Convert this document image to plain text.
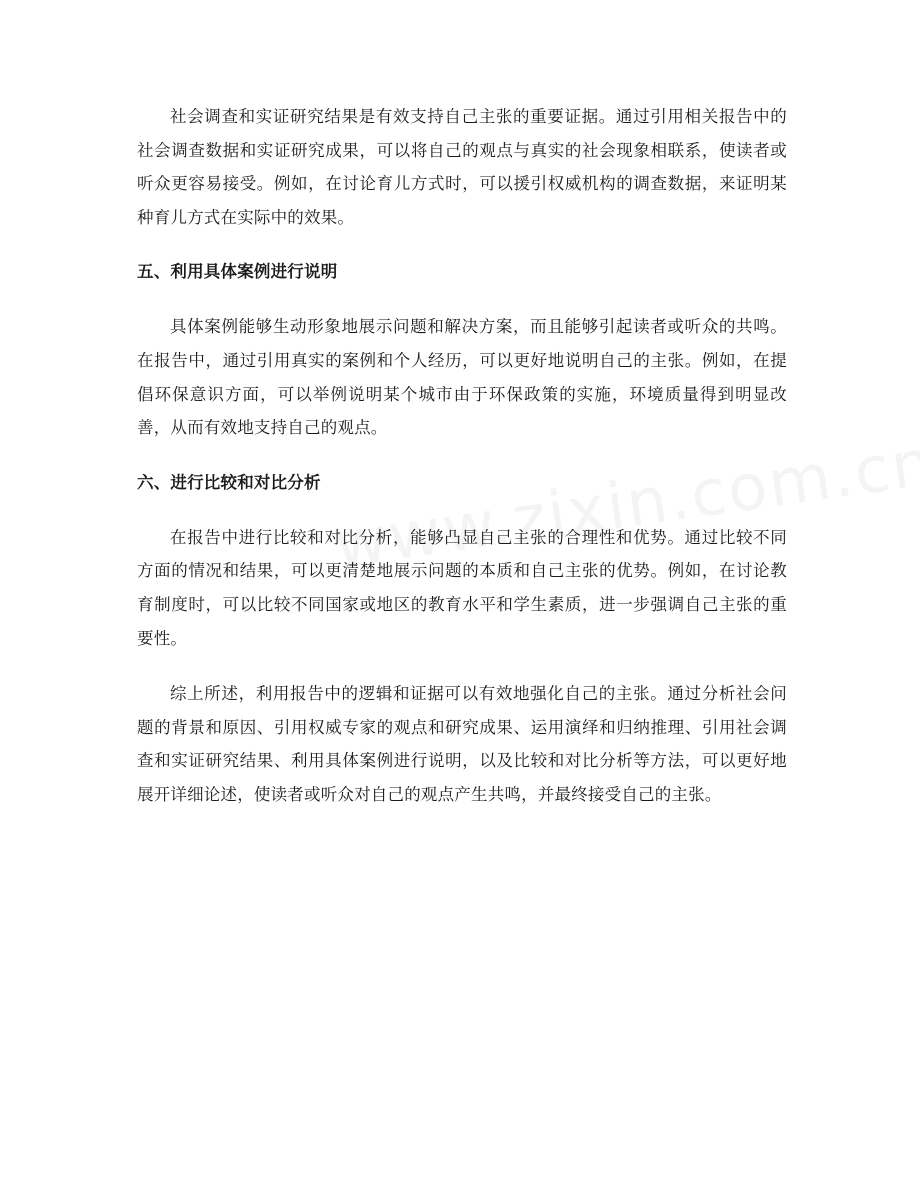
社会调查和实证研究结果是有效支持自己主张的重要证据。通过引用相关报告中的社会调查数据和实证研究成果，可以将自己的观点与真实的社会现象相联系，使读者或听众更容易接受。例如，在讨论育儿方式时，可以援引权威机构的调查数据，来证明某种育儿方式在实际中的效果。

五、利用具体案例进行说明

具体案例能够生动形象地展示问题和解决方案，而且能够引起读者或听众的共鸣。在报告中，通过引用真实的案例和个人经历，可以更好地说明自己的主张。例如，在提倡环保意识方面，可以举例说明某个城市由于环保政策的实施，环境质量得到明显改善，从而有效地支持自己的观点。

六、进行比较和对比分析

在报告中进行比较和对比分析，能够凸显自己主张的合理性和优势。通过比较不同方面的情况和结果，可以更清楚地展示问题的本质和自己主张的优势。例如，在讨论教育制度时，可以比较不同国家或地区的教育水平和学生素质，进一步强调自己主张的重要性。

综上所述，利用报告中的逻辑和证据可以有效地强化自己的主张。通过分析社会问题的背景和原因、引用权威专家的观点和研究成果、运用演绎和归纳推理、引用社会调查和实证研究结果、利用具体案例进行说明，以及比较和对比分析等方法，可以更好地展开详细论述，使读者或听众对自己的观点产生共鸣，并最终接受自己的主张。
